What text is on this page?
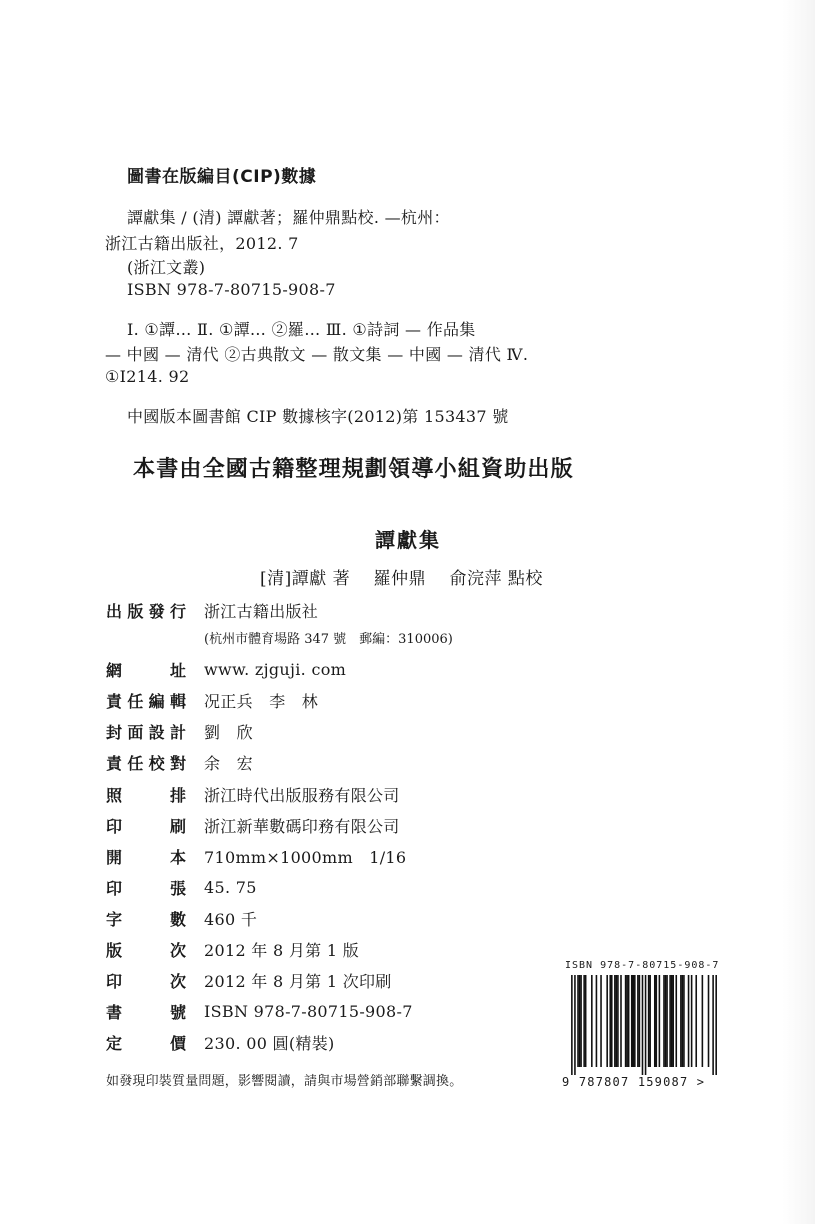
圖書在版編目(CIP)數據
譚獻集 / (清) 譚獻著；羅仲鼎點校. —杭州：
浙江古籍出版社，2012. 7
(浙江文叢)
ISBN 978-7-80715-908-7
Ⅰ. ①譚… Ⅱ. ①譚… ②羅… Ⅲ. ①詩詞 — 作品集
— 中國 — 清代 ②古典散文 — 散文集 — 中國 — 清代 Ⅳ.
①I214. 92
中國版本圖書館 CIP 數據核字(2012)第 153437 號
本書由全國古籍整理規劃領導小組資助出版
譚獻集
[清]譚獻 著　 羅仲鼎　 俞浣萍 點校
出 版 發 行 浙江古籍出版社
網	址 www. zjguji. com
責 任 編 輯 况正兵　李　林
封 面 設 計 劉　欣
責 任 校 對 余　宏
照	排 浙江時代出版服務有限公司
印	刷 浙江新華數碼印務有限公司
開	本 710mm×1000mm　1/16
印	張 45. 75
字	數 460 千
版	次 2012 年 8 月第 1 版
印	次 2012 年 8 月第 1 次印刷
書	號 ISBN 978-7-80715-908-7
定	價 230. 00 圓(精裝)
(杭州市體育場路 347 號　郵編：310006)
如發現印裝質量問題，影響閱讀，請與市場營銷部聯繫調換。
ISBN 978-7-80715-908-7
9 787807 159087 >
